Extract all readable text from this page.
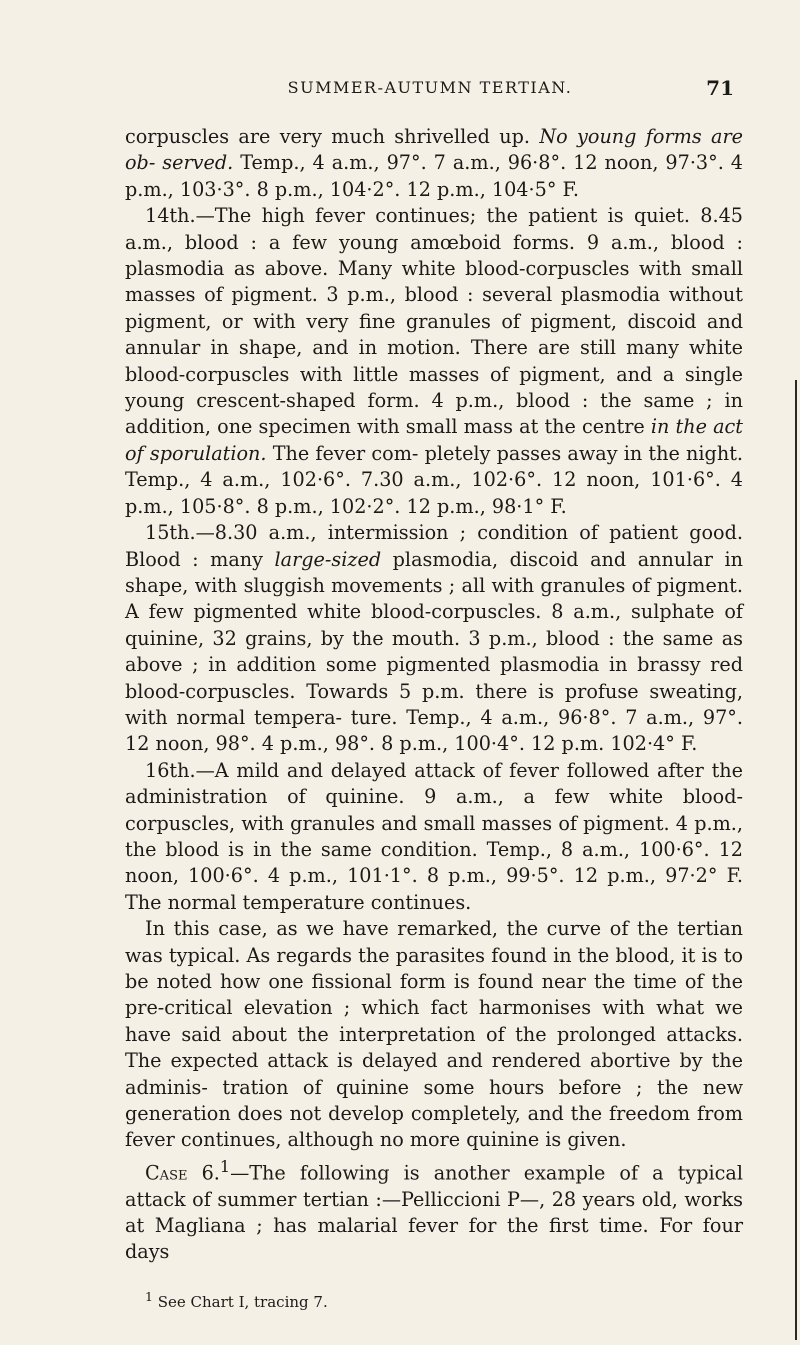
SUMMER-AUTUMN TERTIAN.	71

corpuscles are very much shrivelled up. No young forms are ob- served. Temp., 4 a.m., 97°. 7 a.m., 96·8°. 12 noon, 97·3°. 4 p.m., 103·3°. 8 p.m., 104·2°. 12 p.m., 104·5° F.

14th.—The high fever continues; the patient is quiet. 8.45 a.m., blood : a few young amœboid forms. 9 a.m., blood : plasmodia as above. Many white blood-corpuscles with small masses of pigment. 3 p.m., blood : several plasmodia without pigment, or with very fine granules of pigment, discoid and annular in shape, and in motion. There are still many white blood-corpuscles with little masses of pigment, and a single young crescent-shaped form. 4 p.m., blood : the same ; in addition, one specimen with small mass at the centre in the act of sporulation. The fever com- pletely passes away in the night. Temp., 4 a.m., 102·6°. 7.30 a.m., 102·6°. 12 noon, 101·6°. 4 p.m., 105·8°. 8 p.m., 102·2°. 12 p.m., 98·1° F.

15th.—8.30 a.m., intermission ; condition of patient good. Blood : many large-sized plasmodia, discoid and annular in shape, with sluggish movements ; all with granules of pigment. A few pigmented white blood-corpuscles. 8 a.m., sulphate of quinine, 32 grains, by the mouth. 3 p.m., blood : the same as above ; in addition some pigmented plasmodia in brassy red blood-corpuscles. Towards 5 p.m. there is profuse sweating, with normal tempera- ture. Temp., 4 a.m., 96·8°. 7 a.m., 97°. 12 noon, 98°. 4 p.m., 98°. 8 p.m., 100·4°. 12 p.m. 102·4° F.

16th.—A mild and delayed attack of fever followed after the administration of quinine. 9 a.m., a few white blood-corpuscles, with granules and small masses of pigment. 4 p.m., the blood is in the same condition. Temp., 8 a.m., 100·6°. 12 noon, 100·6°. 4 p.m., 101·1°. 8 p.m., 99·5°. 12 p.m., 97·2° F. The normal temperature continues.

In this case, as we have remarked, the curve of the tertian was typical. As regards the parasites found in the blood, it is to be noted how one fissional form is found near the time of the pre-critical elevation ; which fact harmonises with what we have said about the interpretation of the prolonged attacks. The expected attack is delayed and rendered abortive by the adminis- tration of quinine some hours before ; the new generation does not develop completely, and the freedom from fever continues, although no more quinine is given.

Case 6.$^1$—The following is another example of a typical attack of summer tertian :—Pelliccioni P—, 28 years old, works at Magliana ; has malarial fever for the first time. For four days

$^1$ See Chart I, tracing 7.
